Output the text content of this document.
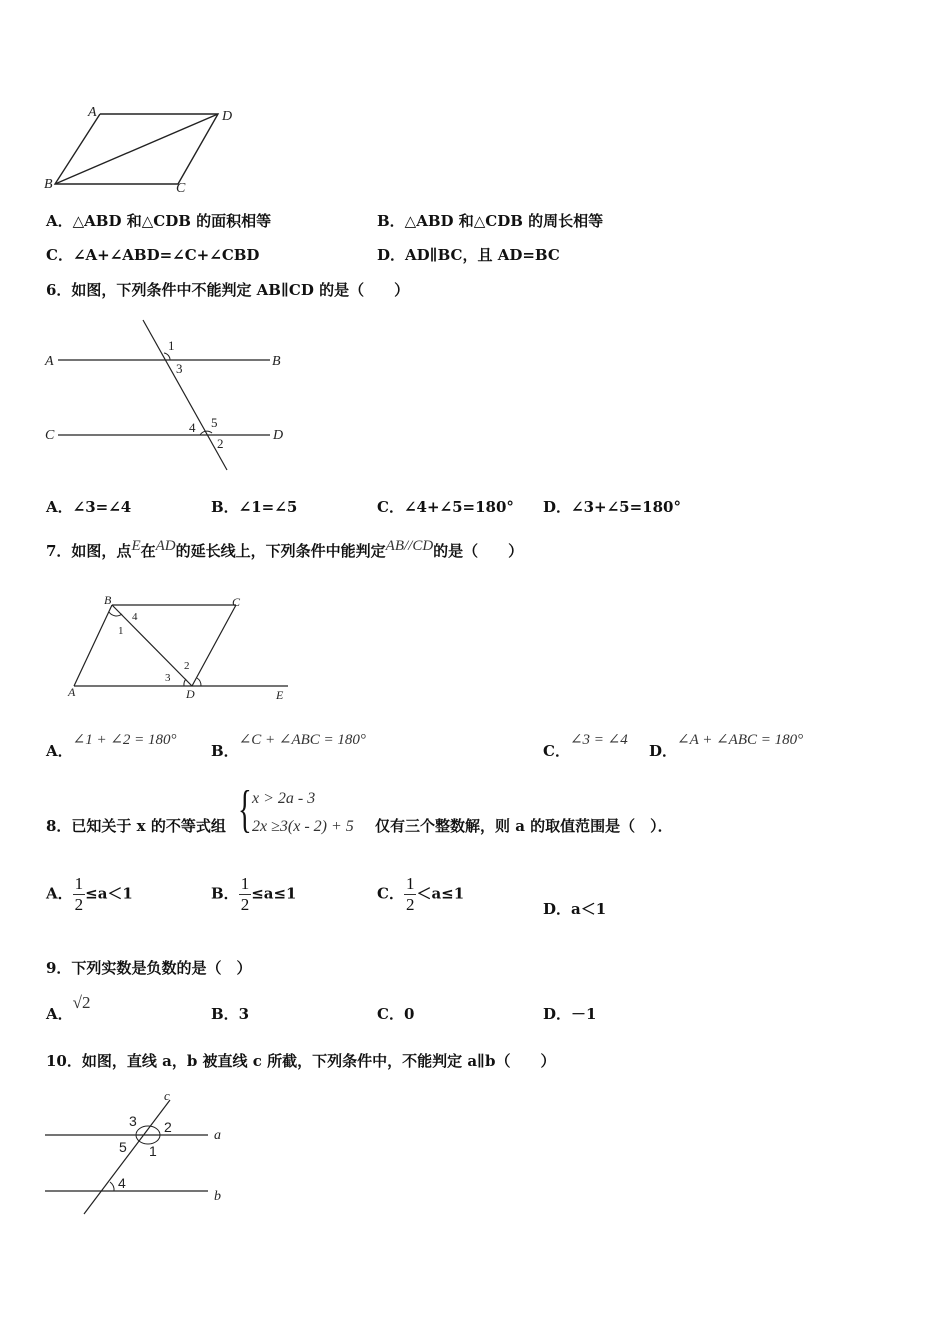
A	D
B	C
A．△ABD 和△CDB 的面积相等	B．△ABD 和△CDB 的周长相等
C．∠A+∠ABD=∠C+∠CBD	D．AD∥BC，且 AD=BC
6．如图，下列条件中不能判定 AB∥CD 的是（　　）
A	B
C	D
1
3
4 5
2
A．∠3=∠4	B．∠1=∠5	C．∠4+∠5=180° D．∠3+∠5=180°
7．如图，点E在AD的延长线上，下列条件中能判定AB//CD的是（　　）
B	C
A	D	E
4
1
2
3
A．∠1 + ∠2 = 180°
B．∠C + ∠ABC = 180°
C．∠3 = ∠4
D．∠A + ∠ABC = 180°
8．已知关于 x 的不等式组 { x > 2a - 3
2x ≥3(x - 2) + 5 仅有三个整数解，则 a 的取值范围是（　）．
A． $\frac{1}{2} \le a<1$	B． $\frac{1}{2} \le a\le 1$	C． $\frac{1}{2} <a\le 1$
D．a＜1
9．下列实数是负数的是（　）
A．√2
B．3	C．0	D．－1
10．如图，直线 a，b 被直线 c 所截，下列条件中，不能判定 a∥b（　　）
c
a
b
3 2
5 1
4
